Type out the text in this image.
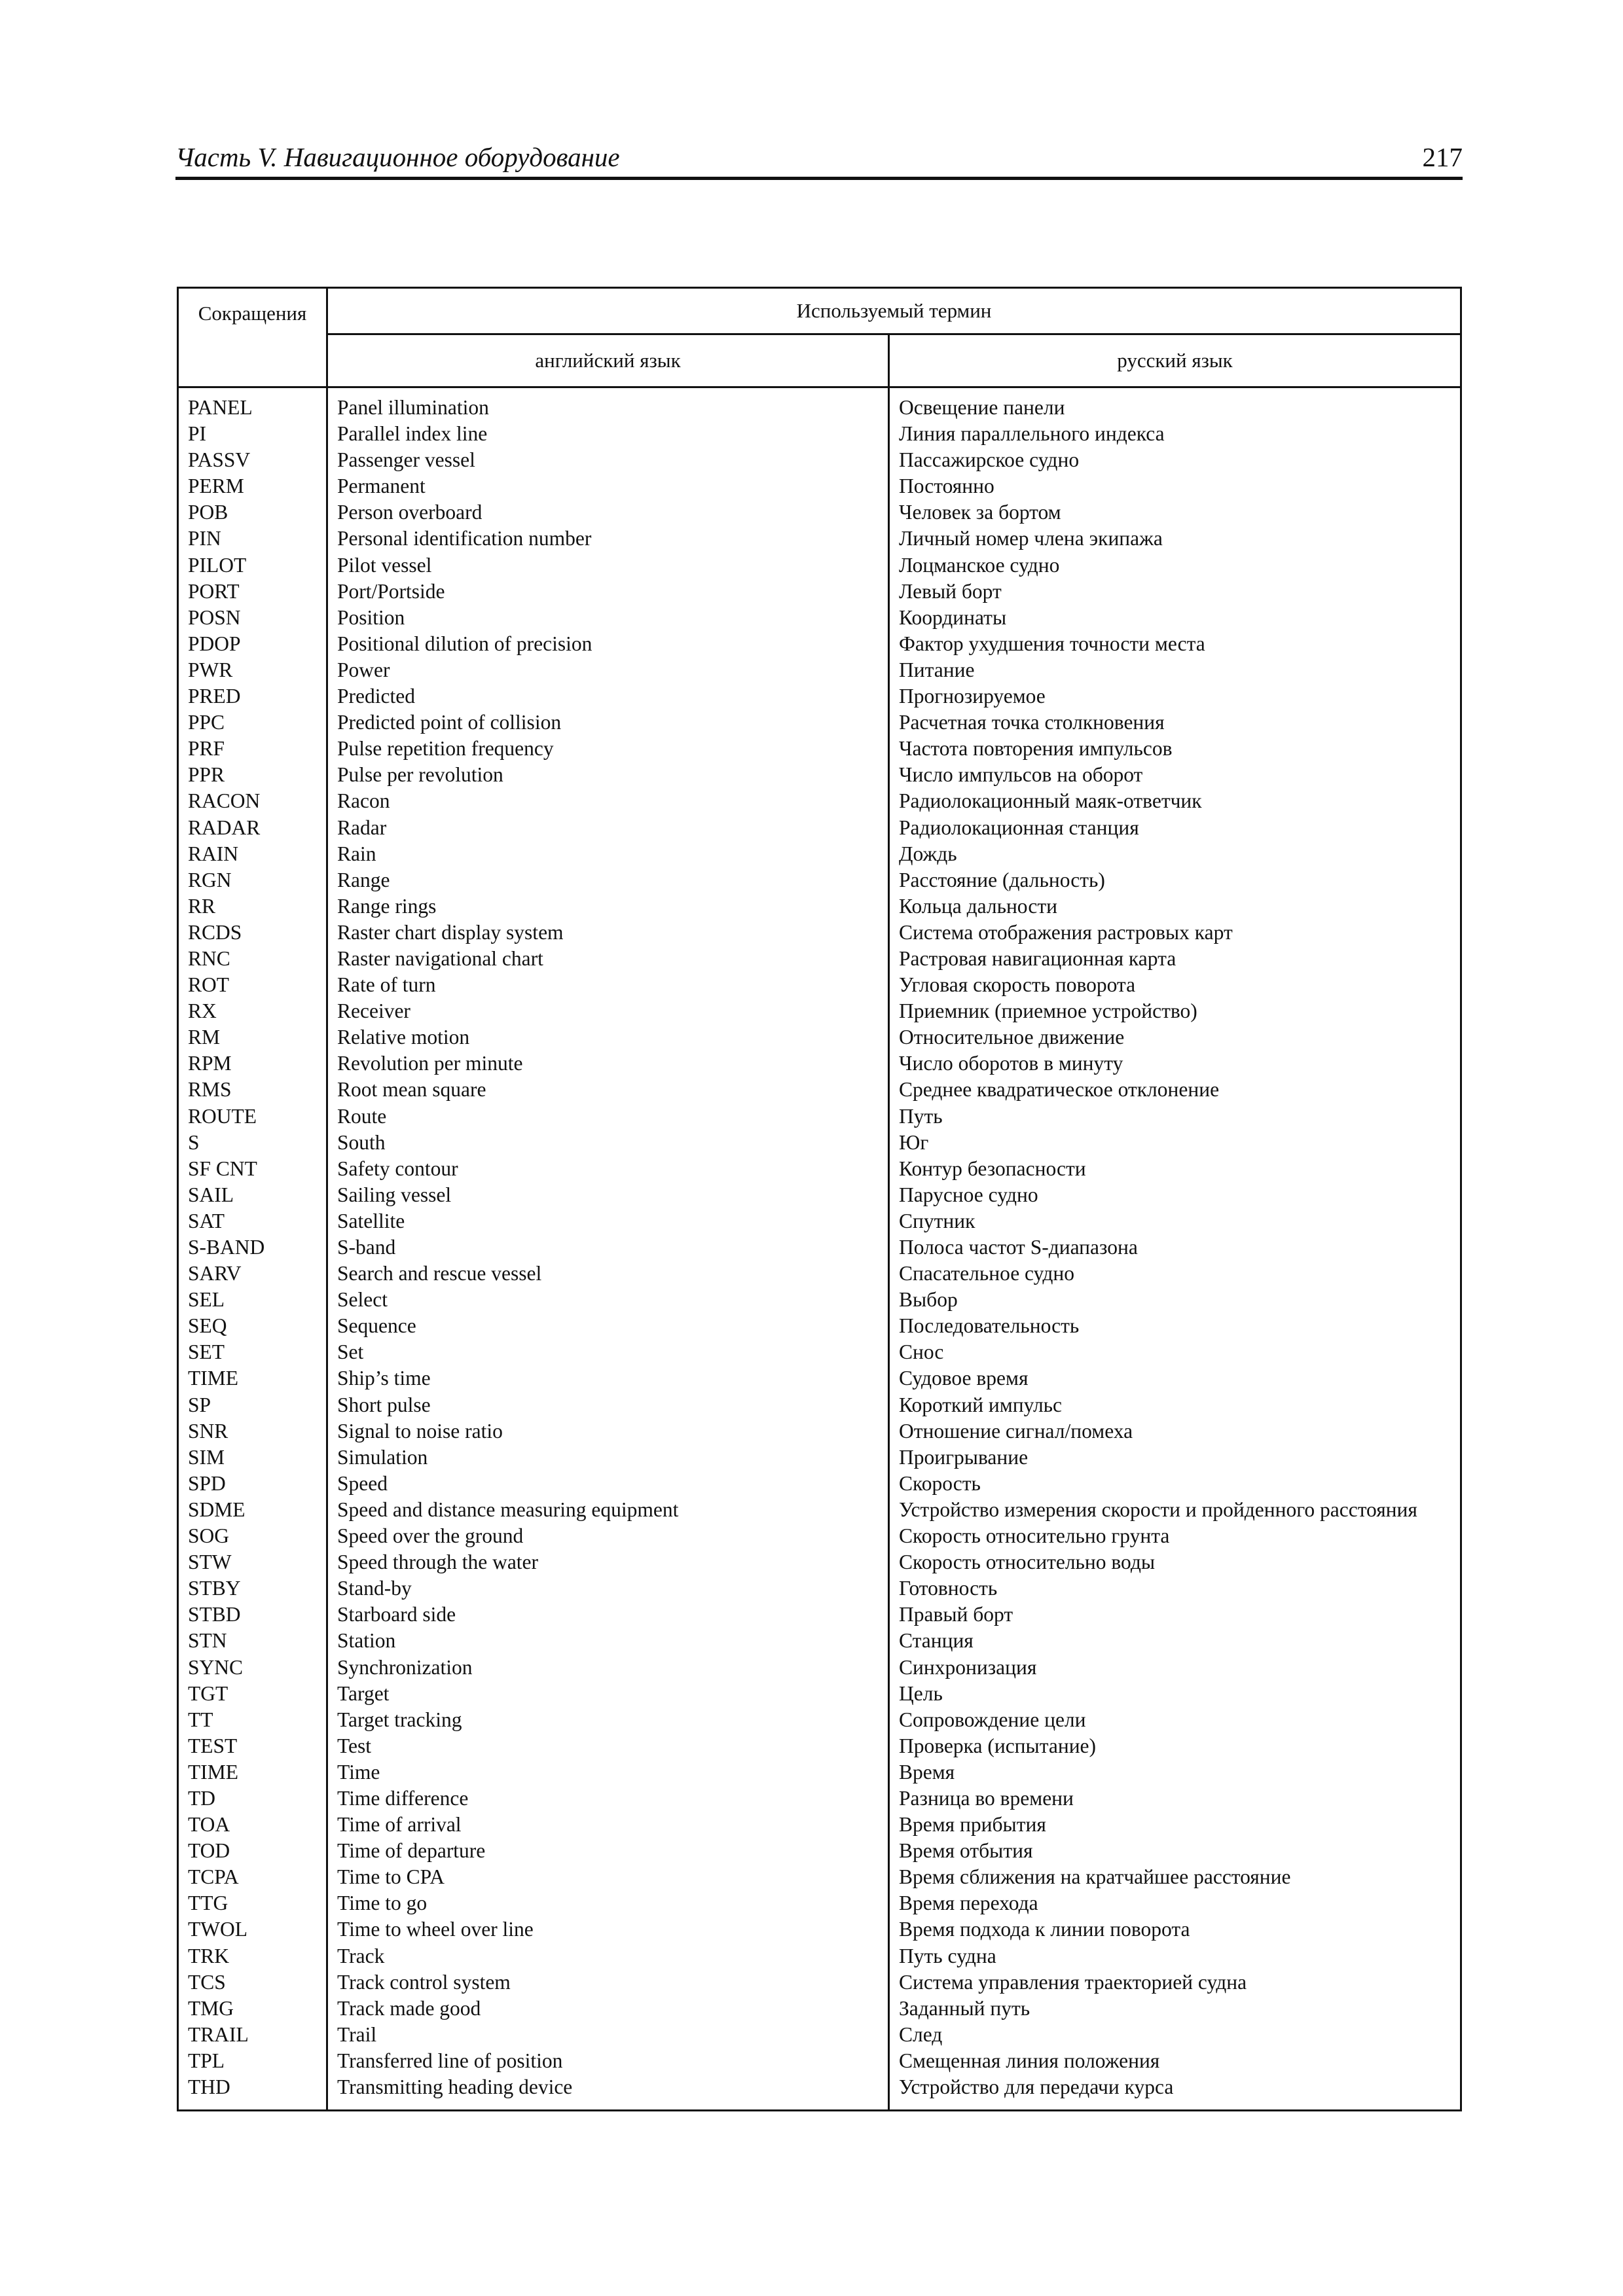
Часть V. Навигационное оборудование	217
Сокращения	Используемый термин	
	английский язык	русский язык
PANEL	Panel illumination	Освещение панели
PI	Parallel index line	Линия параллельного индекса
PASSV	Passenger vessel	Пассажирское судно
PERM	Permanent	Постоянно
POB	Person overboard	Человек за бортом
PIN	Personal identification number	Личный номер члена экипажа
PILOT	Pilot vessel	Лоцманское судно
PORT	Port/Portside	Левый борт
POSN	Position	Координаты
PDOP	Positional dilution of precision	Фактор ухудшения точности места
PWR	Power	Питание
PRED	Predicted	Прогнозируемое
PPC	Predicted point of collision	Расчетная точка столкновения
PRF	Pulse repetition frequency	Частота повторения импульсов
PPR	Pulse per revolution	Число импульсов на оборот
RACON	Racon	Радиолокационный маяк-ответчик
RADAR	Radar	Радиолокационная станция
RAIN	Rain	Дождь
RGN	Range	Расстояние (дальность)
RR	Range rings	Кольца дальности
RCDS	Raster chart display system	Система отображения растровых карт
RNC	Raster navigational chart	Растровая навигационная карта
ROT	Rate of turn	Угловая скорость поворота
RX	Receiver	Приемник (приемное устройство)
RM	Relative motion	Относительное движение
RPM	Revolution per minute	Число оборотов в минуту
RMS	Root mean square	Среднее квадратическое отклонение
ROUTE	Route	Путь
S	South	Юг
SF CNT	Safety contour	Контур безопасности
SAIL	Sailing vessel	Парусное судно
SAT	Satellite	Спутник
S-BAND	S-band	Полоса частот S-диапазона
SARV	Search and rescue vessel	Спасательное судно
SEL	Select	Выбор
SEQ	Sequence	Последовательность
SET	Set	Снос
TIME	Ship’s time	Судовое время
SP	Short pulse	Короткий импульс
SNR	Signal to noise ratio	Отношение сигнал/помеха
SIM	Simulation	Проигрывание
SPD	Speed	Скорость
SDME	Speed and distance measuring equipment	Устройство измерения скорости и пройденного расстояния
SOG	Speed over the ground	Скорость относительно грунта
STW	Speed through the water	Скорость относительно воды
STBY	Stand-by	Готовность
STBD	Starboard side	Правый борт
STN	Station	Станция
SYNC	Synchronization	Синхронизация
TGT	Target	Цель
TT	Target tracking	Сопровождение цели
TEST	Test	Проверка (испытание)
TIME	Time	Время
TD	Time difference	Разница во времени
TOA	Time of arrival	Время прибытия
TOD	Time of departure	Время отбытия
TCPA	Time to CPA	Время сближения на кратчайшее расстояние
TTG	Time to go	Время перехода
TWOL	Time to wheel over line	Время подхода к линии поворота
TRK	Track	Путь судна
TCS	Track control system	Система управления траекторией судна
TMG	Track made good	Заданный путь
TRAIL	Trail	След
TPL	Transferred line of position	Смещенная линия положения
THD	Transmitting heading device	Устройство для передачи курса
